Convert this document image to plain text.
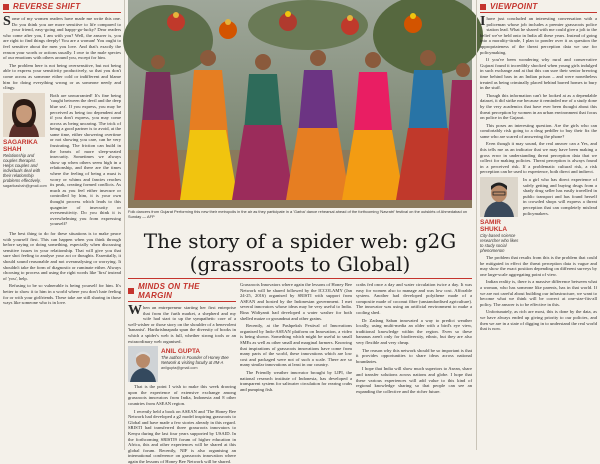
REVERSE SHIFT

Some of my women readers have made me write this one. Do you think you are more sensitive to life compared to your friend, easy-going and happy-go-lucky? Dear readers who come after you, I am with you? Well, the answer is, you are right to find things deeply! You are a woman! You ought to feel sensitive about the men you love. And that's exactly the reason your words or actions usually. I owe to the male species of our emotions with others around you, except for him.

The problem here is not being oversensitive, but not being able to express your sensitivity productively, so that you don't come across as someone either cold or indifferent and blame him for doing everything wrong or as someone needy and clingy.

SAGARIKA SHAH
Relationship and couples therapist. Helps couples and individuals deal with their relationship problems effectively.
sagarikashah@gmail.com

Both are unwarranted! It's fine being 'caught between the devil and the deep blue sea'. If you express, you may be perceived as being too dependent and if you don't express, you may come across as being uncaring. The trick of being a good partner is to avoid, at the same time, either showering overtime or not showing you care, can be very frustrating. The friction can build in the hearts of more sleep-seated insecurity. Sometimes we always show up when others seem high in a relationship, and there are the times where the feeling of being a must is worry or whims and fancies reaches its peak, creating formed conflicts. As much as you feel either insecure or controlled by him, it is your own thought process which leads to this quagmire of insecurity or oversensitivity. Do you think it is overwhelming you from expressing yourself?

The best thing to do for these situations is to make peace with yourself first. This can happen when you think through before saying or doing something, especially when discussing sensitive issues in your relationship. That will give you that sure shot feeling to analyse your act or thoughts. Essentially, it should sound reasonable and not overanalysing or worrying. It shouldn't take the form of diagnostic or ruminate either. Always choosing to process and using the right words like 'first' instead of 'you', help.

Refusing to be so vulnerable is being yourself for him. It's better to show it to him in a world where you don't hate feeling for or with your girlfriends. These take are still sharing in those ways like someone who is in love.

Folk dancers from Gujarat Performing this new their metropolis in the air as they participate in a 'Garba' dance rehearsal ahead of the forthcoming 'Navratri' festival on the outskirts of Ahmedabad on Sunday — AFP
The story of a spider web: g2G (grassroots to Global)
MINDS ON THE MARGIN

When an entrepreneur starting her first enterprise that from the furth market, a shepherd and my wife had start to up the sympathetic core of a well-wisher or those story on the shoulder of a benevolent 'bananist'. Harikrishnapada spun the diversity of books in which a spider's web is full, whether strong tools or an extraordinary web organised.

ANIL GUPTA
The author is Founder of Honey Bee Network & visiting faculty at IIM-A
anilgupta@gmail.com

That is the point I wish to make this week drawing upon the experience of extensive exchange among grassroots innovators from India, Indonesia and 8 other countries from ASEAN region.

I recently held a book on ASEAN and 'The Honey Bee Network had developed a g2 model inspiring grassroots to Global and have made a few stories already in this regard. SRISTI had transferred three grassroots innovators to Kenya during the last four years supported by USAID. In the forthcoming SRISTI9 forum of higher education in Africa, this and other experiences will be shared at this global forum. Recently, NIF is also organising an international conference on grassroots innovation where again the lessons of Honey Bee Network will be shared.

Grassroots Innovators where again the lessons of Honey Bee Network will be shared followed by the ICCOLAMY (Jan 24-25, 2016) organised by SRISTI with support from ASEAN and hosted by the Indonesian government. I met several innovators whose ideas may be very useful to India. Rina Widiyanti had developed a water washer for both shelled maize or groundnut and other grains.

Recently, at the Pashpeksh Festival of Innovations organised by Indo-ASEAN platform on Innovation, a video is being shown. Something which might be useful to small SMEs as well as other small and marginal farmers. Knowing that inspirations of grassroots innovations have come from many parts of the world, these innovations which are low cost and packaged were not of such a scale. There are so many similar innovations at least in our country.

The Friendly weather innovator brought by LIPI, the national research institute of Indonesia, has developed a transparent system for saltwater circulation for rearing crabs and pumping fish.

crabs fed once a day and water circulation twice a day. It was easy for women also to manage and was low cost. Afforable system. Another had developed polythene made of a composite made of coconut fibre (unstandardised agriculture). The innovator was using an artificial environment to make a cooling shed.

Dr Zadang Saban innovated a way to predict weather locally, using multi-media an older with a bird's eye view, traditional knowledge within the region. Even so these bananas aren't only for biodiversity, ethnic, but they are also very flexible and very cheap.

The reason why this network should be so important is that it provides opportunities to share ideas across national boundaries.

I hope that India will show much superiors to Asean, share and transfer solutions across nations and globe. I hope that these various experiences will add value to this kind of regional knowledge sharing so that people can see an expanding the collective and the richer future.

VIEWPOINT

Ihave just concluded an interesting conversation with a policeman whose job includes a premier grassroots police station lead. What he shared with me could give a jolt to the belief we've held onto in India all these years. Instead of going into a morality-tirade, I plan to ponder over it as question the appropriateness of the threat perception data we use for policymaking.

If you've been wondering why rural and conservative Gujarat found it incredibly shocked when young girls indulged in such exchange and at that this can sure their senior brewing time behind bars in an Indian prison – and were nonetheless treated as being criminally placed behind barred homes to bury in the stuff.

Though this information can't be looked at as a dependable dataset, it did strike me because it reminded me of a study done by the very academics that have ever been thought about this threat perception by women in an urban environment that focus on police in the Gujarat.

This poses an interesting question. Are the girls who can comfortably risk going to a drug peddler to buy their fix the same who are scared of answering the phone?

Even though it may sound, the real answer can a Yes, and this tells me as an indicator that we may have been making a gross error in understanding threat perception data that we collect for making policies. Threat perception is always found in a perceived risk. If a problematic cultural risk, a risk perception can be used to experience, both direct and indirect.

SAMIR SHUKLA
City-based science researcher who likes to study social phenomenon

In a girl who has direct experience of safely getting and buying drugs from a shady drug seller has easily travelled in public transport and has found herself in crowded shops will express a threat perception that can completely mislead policymakers.

The problem that results from this is the problem that could be mitigated in effect the threat perception data is vague and may show the exact position depending on different surveys by one large-scale aggregating point of view.

Indian reality is, there is a massive difference between what a woman, who has someone like parents, has in that world. If we are not careful about building our infrastructure, we want to become what we think will be correct at one-size-fits-all policy. The answer is to be effective in this.

Unfortunately, as rich are most, this is done by the data, as we have always ended up giving priority to our policies, and then we are in a state of digging in to understand the real world that is now.
